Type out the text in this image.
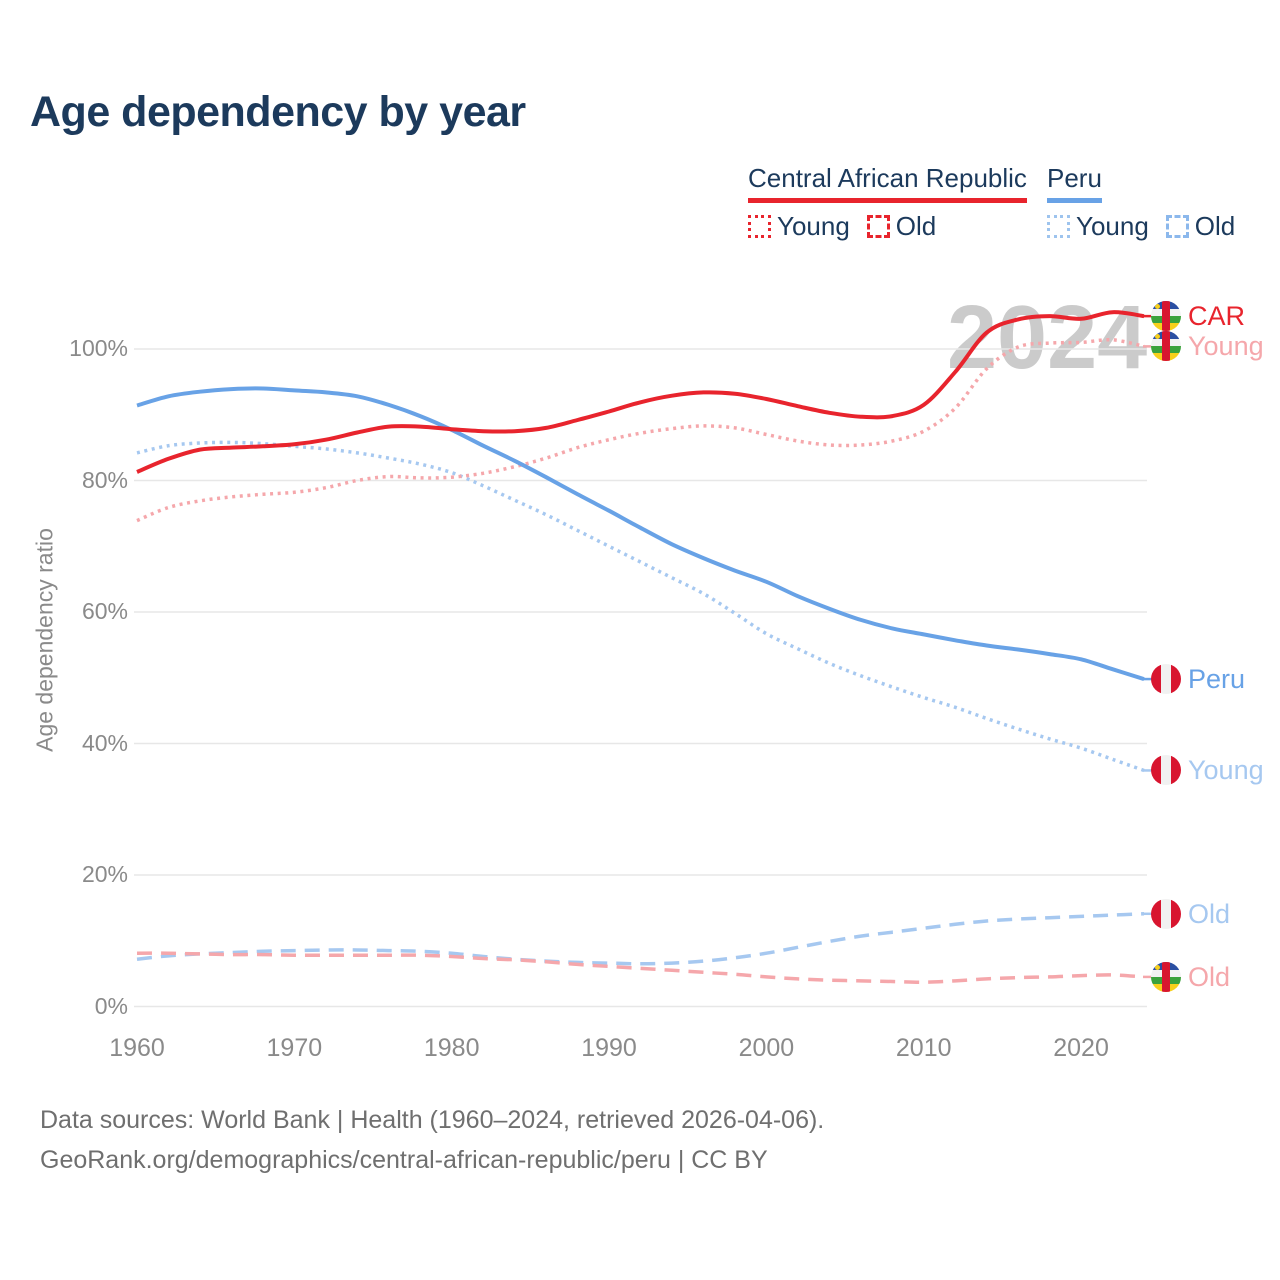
Age dependency by year
Central African Republic
Young Old
Peru
Young Old
Age dependency ratio
2024 CAR
Young
Peru
Young
Old
Old
Data sources: World Bank | Health (1960–2024, retrieved 2026-04-06).
GeoRank.org/demographics/central-african-republic/peru | CC BY
100%
80%
60%
40%
20%
0%
1960	1970	1980	1990	2000	2010	2020
